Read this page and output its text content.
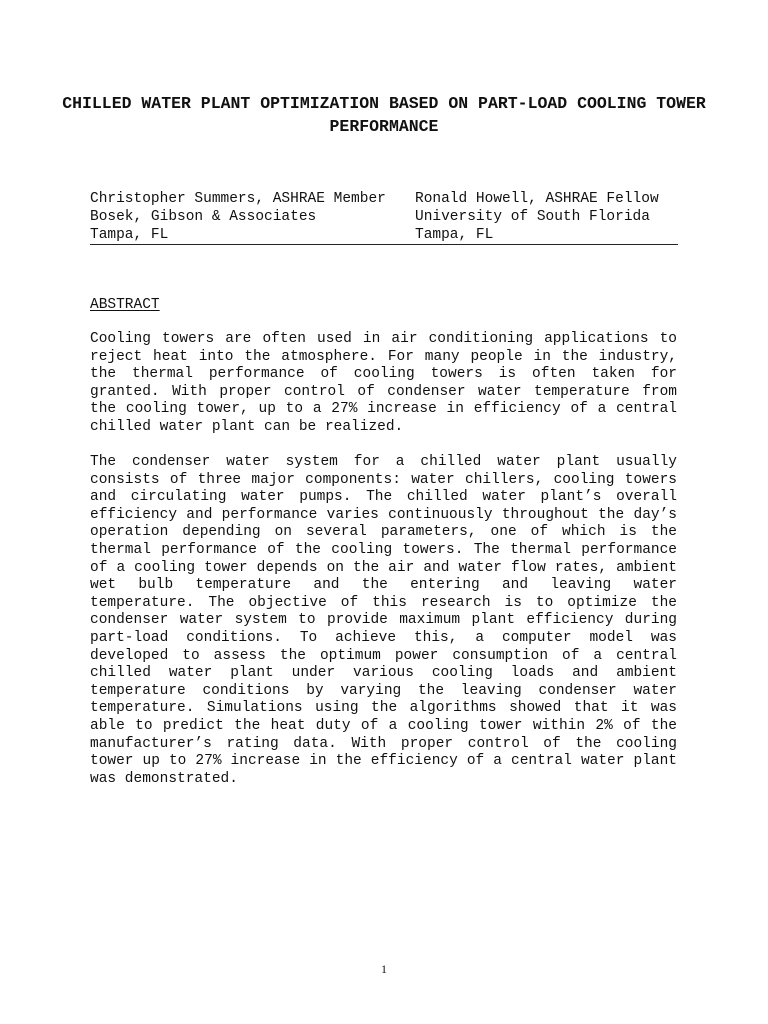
CHILLED WATER PLANT OPTIMIZATION BASED ON PART-LOAD COOLING TOWER PERFORMANCE
Christopher Summers, ASHRAE Member
Bosek, Gibson & Associates
Tampa, FL
Ronald Howell, ASHRAE Fellow
University of South Florida
Tampa, FL
ABSTRACT

Cooling towers are often used in air conditioning applications to reject heat into the atmosphere. For many people in the industry, the thermal performance of cooling towers is often taken for granted. With proper control of condenser water temperature from the cooling tower, up to a 27% increase in efficiency of a central chilled water plant can be realized.

The condenser water system for a chilled water plant usually consists of three major components: water chillers, cooling towers and circulating water pumps. The chilled water plant’s overall efficiency and performance varies continuously throughout the day’s operation depending on several parameters, one of which is the thermal performance of the cooling towers. The thermal performance of a cooling tower depends on the air and water flow rates, ambient wet bulb temperature and the entering and leaving water temperature. The objective of this research is to optimize the condenser water system to provide maximum plant efficiency during part-load conditions. To achieve this, a computer model was developed to assess the optimum power consumption of a central chilled water plant under various cooling loads and ambient temperature conditions by varying the leaving condenser water temperature. Simulations using the algorithms showed that it was able to predict the heat duty of a cooling tower within 2% of the manufacturer’s rating data. With proper control of the cooling tower up to 27% increase in the efficiency of a central water plant was demonstrated.

1
